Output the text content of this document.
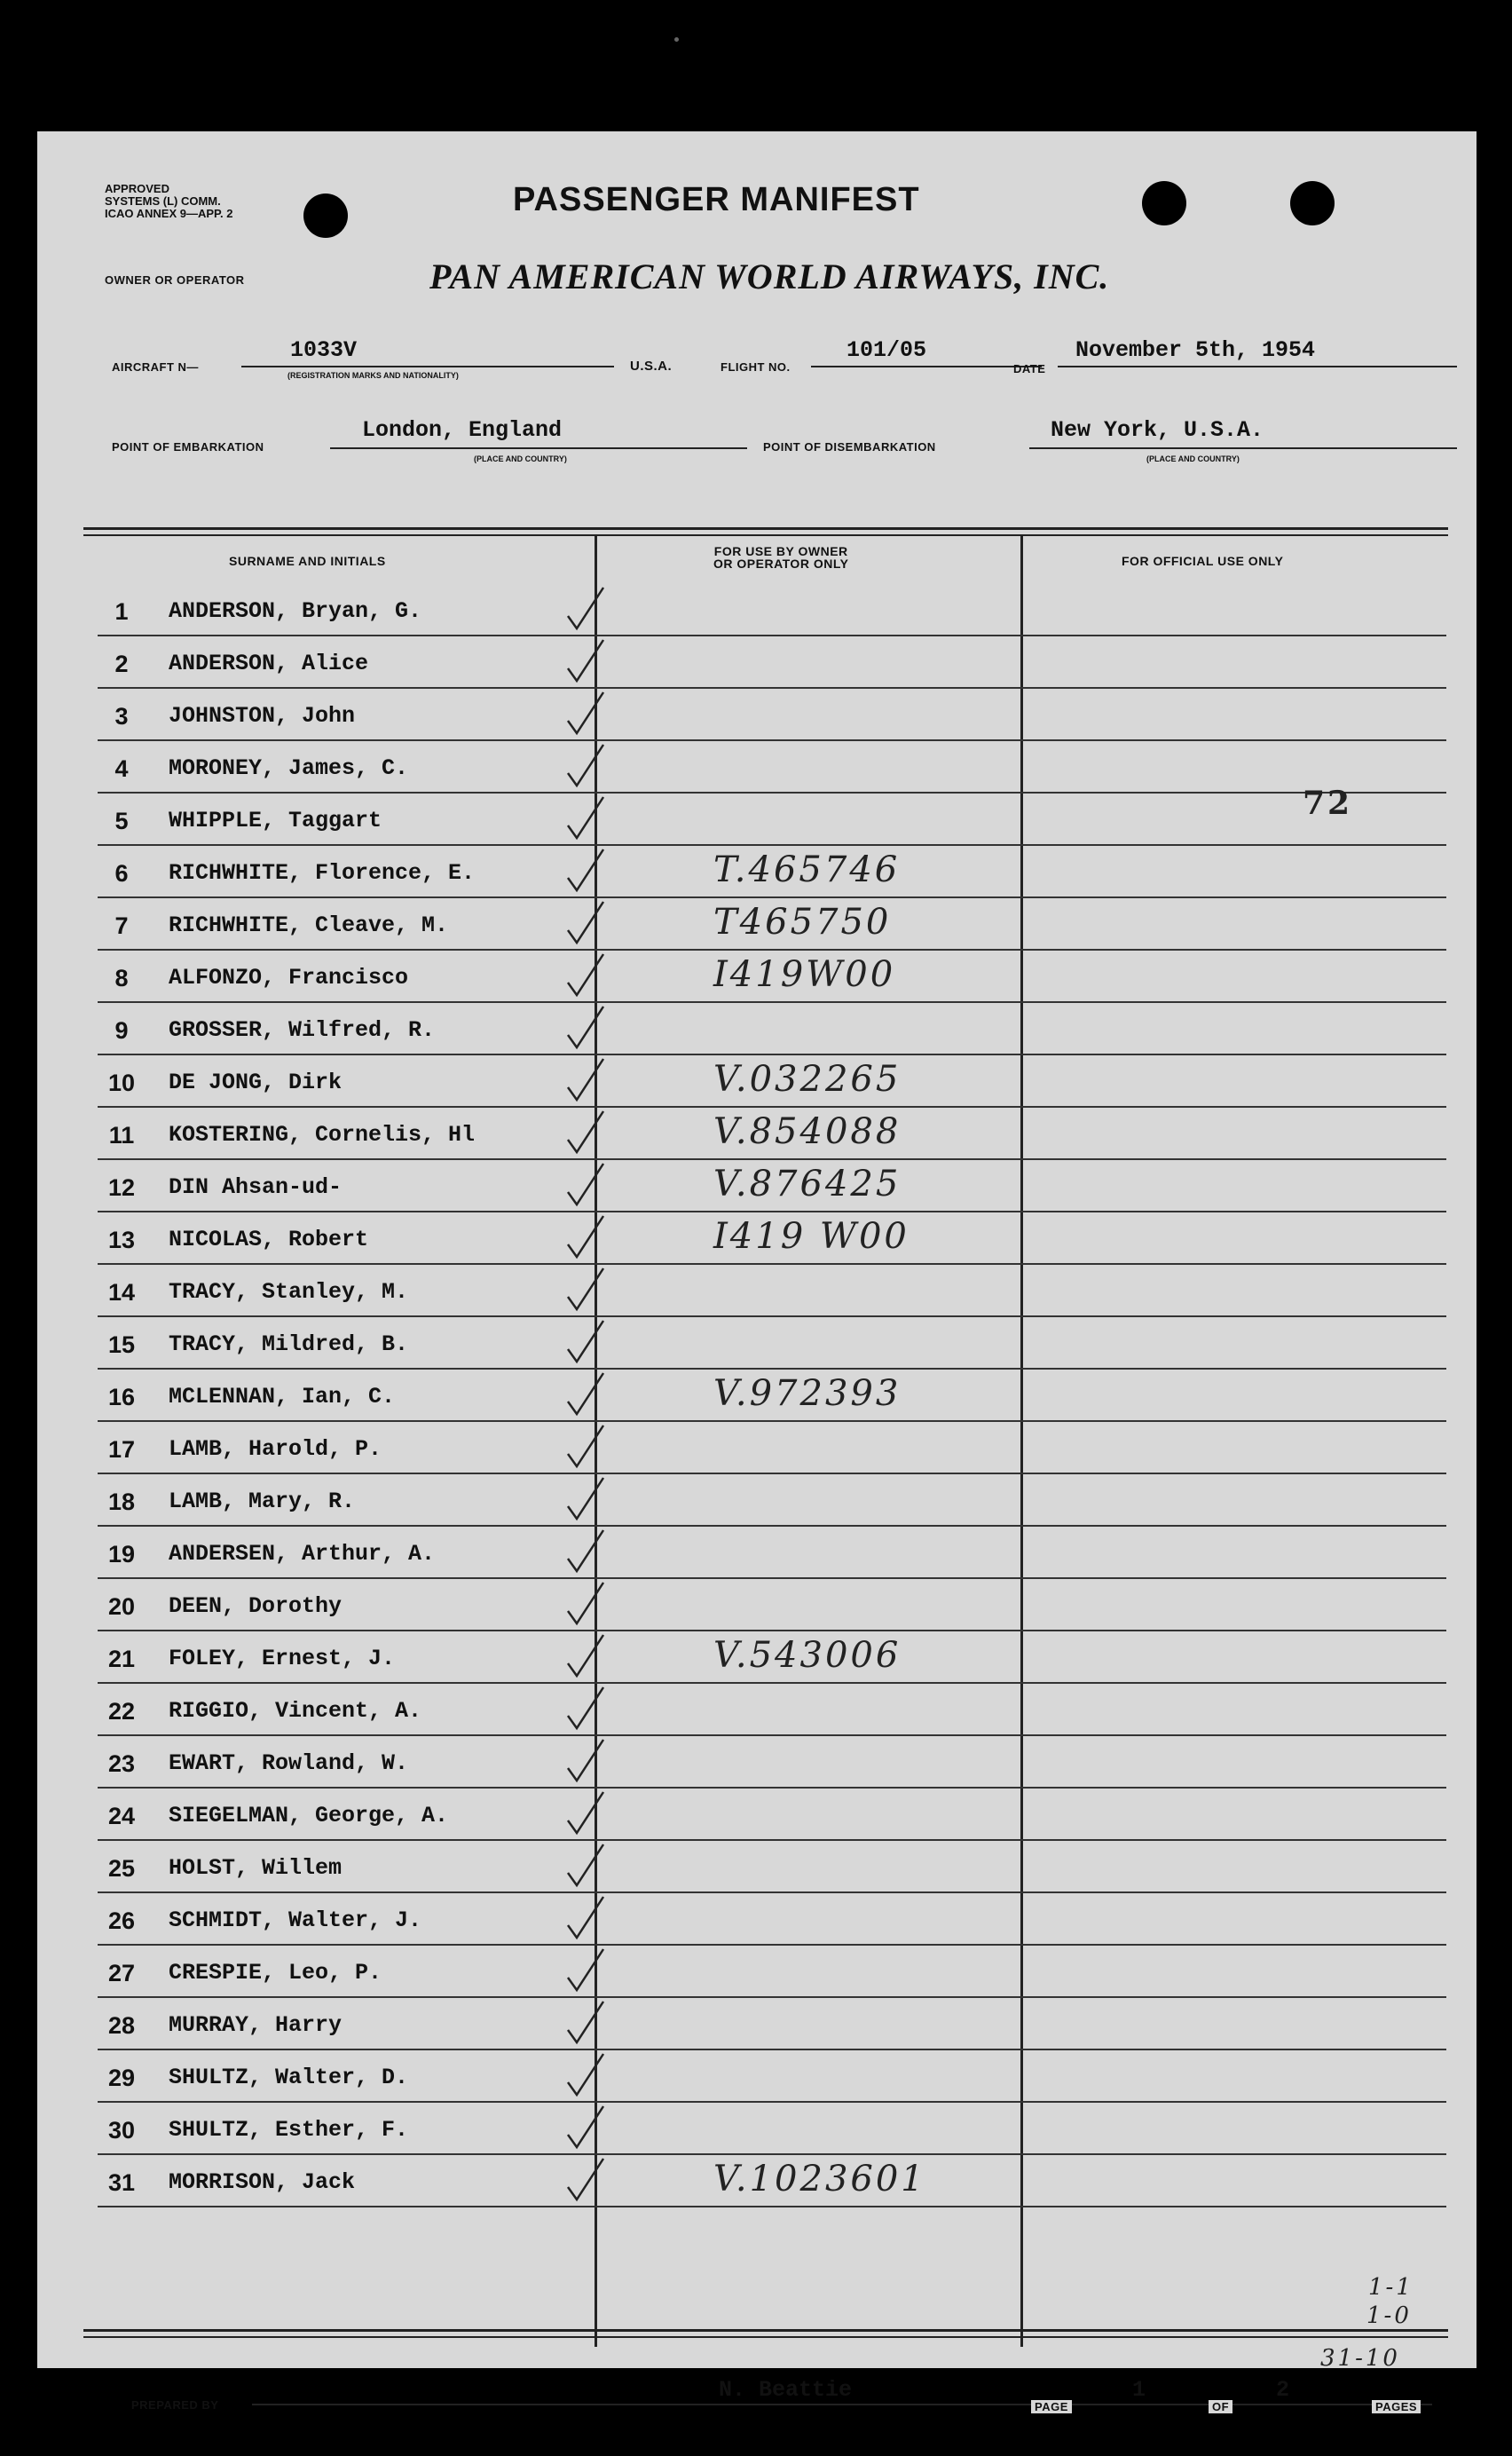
APPROVED
SYSTEMS (L) COMM.
ICAO ANNEX 9—APP. 2	PASSENGER MANIFEST
OWNER OR OPERATOR	PAN AMERICAN WORLD AIRWAYS, INC.
AIRCRAFT N—
1033V
(REGISTRATION MARKS AND NATIONALITY)
U.S.A.	FLIGHT NO.
101/05
DATE
November 5th, 1954
POINT OF EMBARKATION
London, England
(PLACE AND COUNTRY)
POINT OF DISEMBARKATION
New York, U.S.A.
(PLACE AND COUNTRY)
SURNAME AND INITIALS
FOR USE BY OWNER
OR OPERATOR ONLY	FOR OFFICIAL USE ONLY
1	ANDERSON, Bryan, G.
2	ANDERSON, Alice
3	JOHNSTON, John
4	MORONEY, James, C.
5	WHIPPLE, Taggart
6	RICHWHITE, Florence, E.	T.465746
7	RICHWHITE, Cleave, M.	T465750
8	ALFONZO, Francisco	I419W00
9	GROSSER, Wilfred, R.
10	DE JONG, Dirk	V.032265
11	KOSTERING, Cornelis, Hl	V.854088
12	DIN Ahsan-ud-	V.876425
13	NICOLAS, Robert	I419 W00
14	TRACY, Stanley, M.
15	TRACY, Mildred, B.
16	MCLENNAN, Ian, C.	V.972393
17	LAMB, Harold, P.
18	LAMB, Mary, R.
19	ANDERSEN, Arthur, A.
20	DEEN, Dorothy
21	FOLEY, Ernest, J.	V.543006
22	RIGGIO, Vincent, A.
23	EWART, Rowland, W.
24	SIEGELMAN, George, A.
25	HOLST, Willem
26	SCHMIDT, Walter, J.
27	CRESPIE, Leo, P.
28	MURRAY, Harry
29	SHULTZ, Walter, D.
30	SHULTZ, Esther, F.
31	MORRISON, Jack	V.1023601
72
1-1
1-0
31-10
PREPARED BY
N. Beattie
PAGE
1
OF
2
PAGES
